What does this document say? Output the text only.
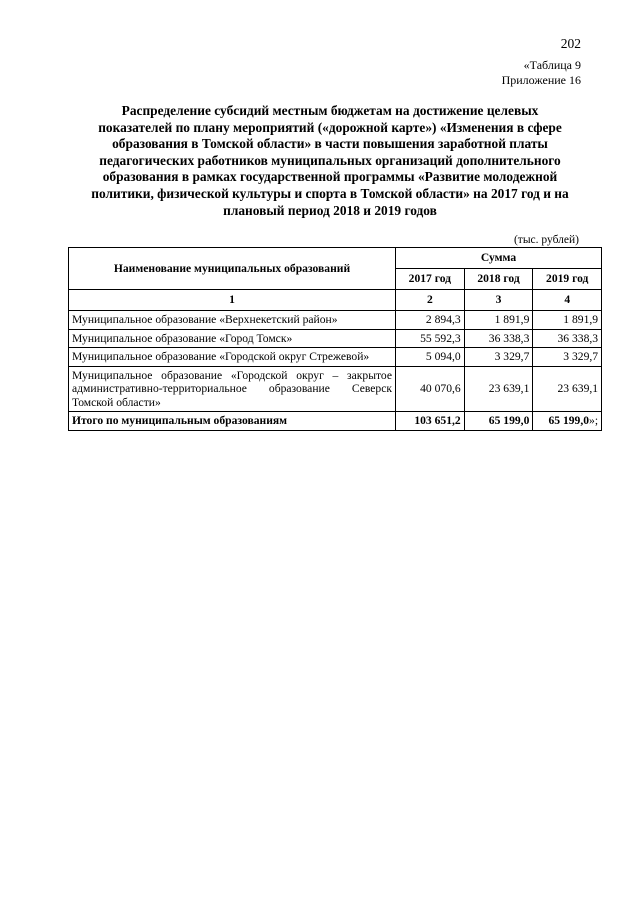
202
«Таблица 9
Приложение 16
Распределение субсидий местным бюджетам на достижение целевых
показателей по плану мероприятий («дорожной карте») «Изменения в сфере
образования в Томской области» в части повышения заработной платы
педагогических работников муниципальных организаций дополнительного
образования в рамках государственной программы «Развитие молодежной
политики, физической культуры и спорта в Томской области» на 2017 год и на
плановый период 2018 и 2019 годов
(тыс. рублей)
Наименование муниципальных образований	Сумма		
	2017 год	2018 год	2019 год
1	2	3	4
Муниципальное образование «Верхнекетский район»	2 894,3	1 891,9	1 891,9
Муниципальное образование «Город Томск»	55 592,3	36 338,3	36 338,3
Муниципальное образование «Городской округ Стрежевой»	5 094,0	3 329,7	3 329,7
Муниципальное образование «Городской округ – закрытое административно-территориальное образование Северск Томской области»	40 070,6	23 639,1	23 639,1
Итого по муниципальным образованиям	103 651,2	65 199,0	65 199,0»;
